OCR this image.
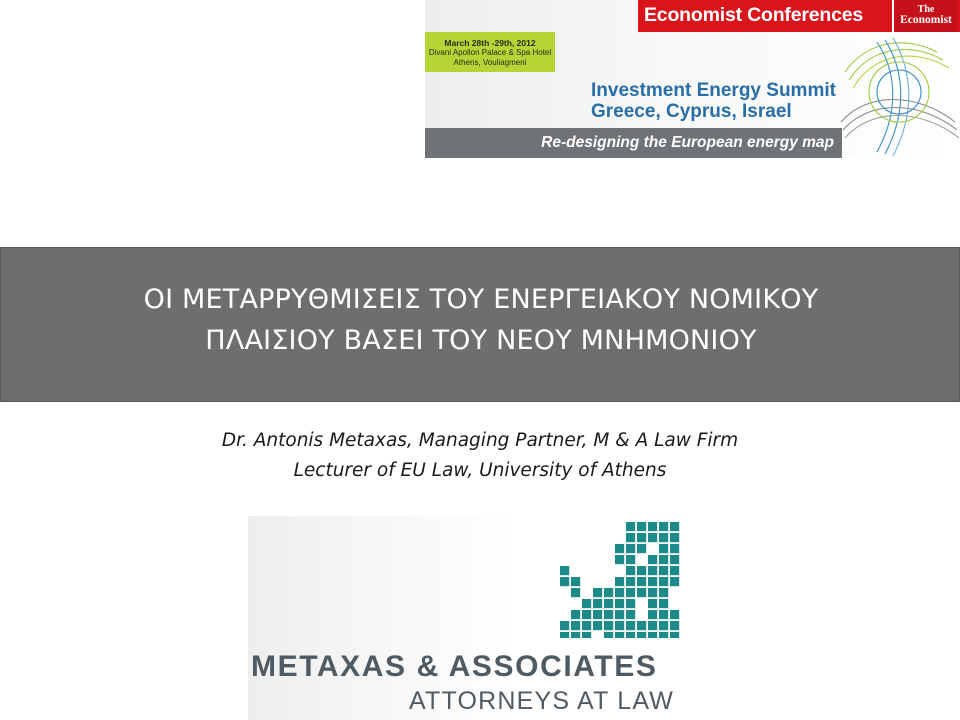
March 28th -29th, 2012
Divani Apollon Palace & Spa Hotel
Athens, Vouliagmeni
Economist Conferences	The
Economist
Investment Energy Summit
Greece, Cyprus, Israel
Re-designing the European energy map
ΟΙ ΜΕΤΑΡΡΥΘΜΙΣΕΙΣ ΤΟΥ ΕΝΕΡΓΕΙΑΚΟΥ ΝΟΜΙΚΟΥ
ΠΛΑΙΣΙΟΥ ΒΑΣΕΙ ΤΟΥ ΝΕΟΥ ΜΝΗΜΟΝΙΟΥ
Dr. Antonis Metaxas, Managing Partner, M & A Law Firm
Lecturer of EU Law, University of Athens
METAXAS & ASSOCIATES
ATTORNEYS AT LAW
